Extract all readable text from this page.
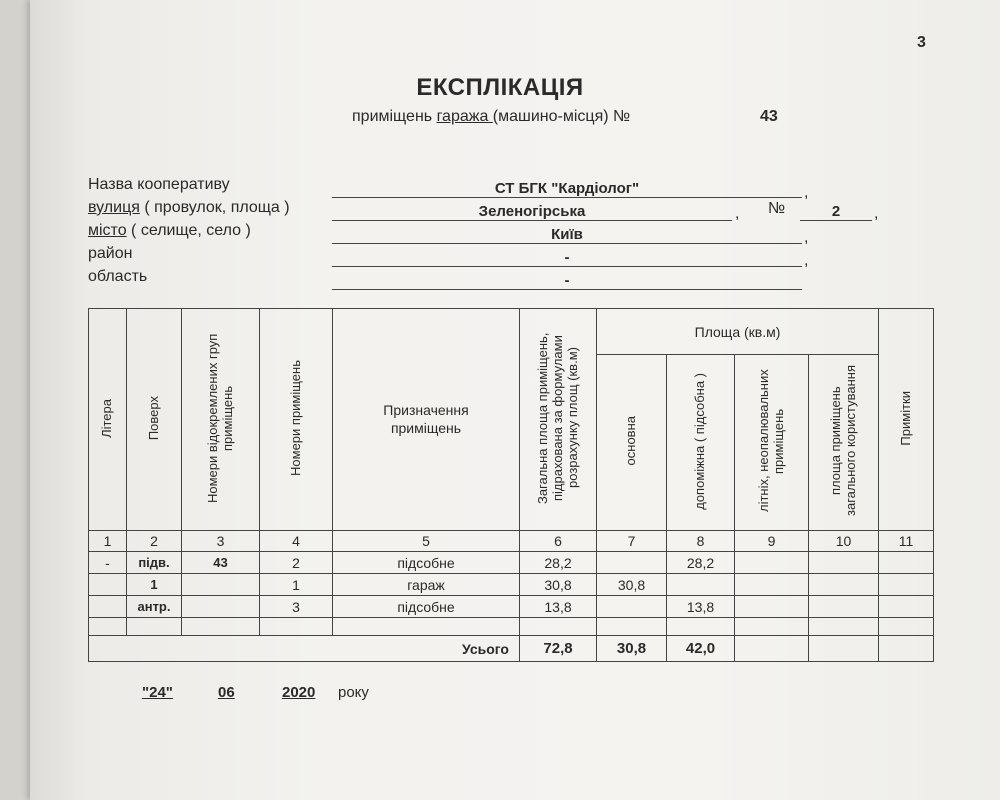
3
ЕКСПЛІКАЦІЯ
приміщень гаража (машино-місця) №	43
Назва кооперативу	СТ БГК "Кардіолог"	,
вулиця ( провулок, площа )	Зеленогірська	, №	2	,
місто ( селище, село )	Київ	,
район	-	,
область	-
Літера	Поверх	Номери відокремлених груп приміщень	Номери приміщень	Призначення приміщень	Загальна площа приміщень, підрахована за формулами розрахунку площ (кв.м)	Площа (кв.м)				Примітки
						основна	допоміжна ( підсобна )	літніх, неопалювальних приміщень	площа приміщень загального користування	
1	2	3	4	5	6	7	8	9	10	11
-	підв.	43	2	підсобне	28,2		28,2			
	1		1	гараж	30,8	30,8				
	антр.		3	підсобне	13,8		13,8			

Усього					72,8	30,8	42,0			
"24"	06	2020 року
